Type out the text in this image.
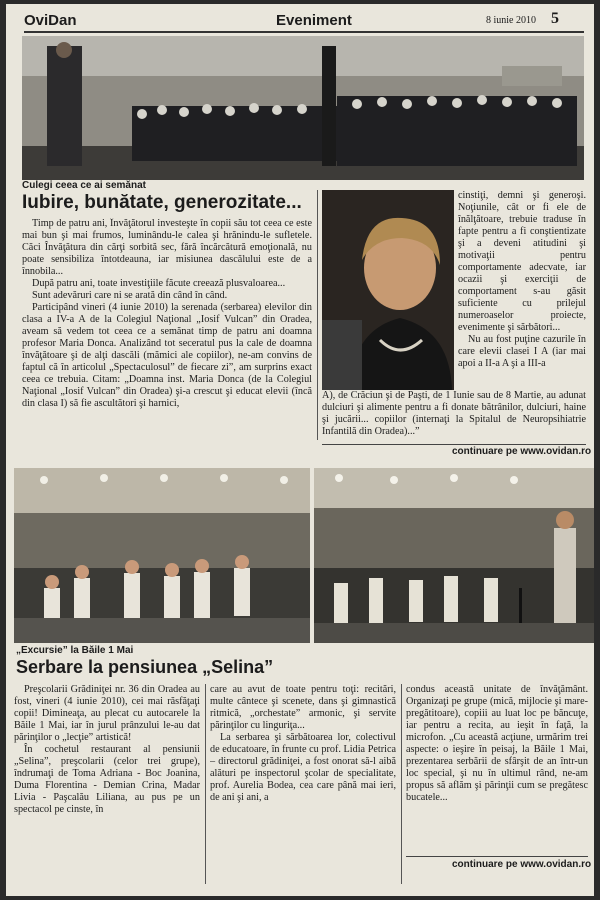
OviDan	Eveniment	8 iunie 2010 5
Culegi ceea ce ai semănat
Iubire, bunătate, generozitate...

Timp de patru ani, Învăţătorul investeşte în copii său tot ceea ce este mai bun şi mai frumos, luminându-le calea şi hrănindu-le sufletele. Căci Învăţătura din cărţi sorbită sec, fără încărcătură emoţională, nu poate sensibiliza întotdeauna, iar misiunea dascălului este de a înnobila...

După patru ani, toate investiţiile făcute creează plusvaloarea...

Sunt adevăruri care ni se arată din când în când.

Participând vineri (4 iunie 2010) la serenada (serbarea) elevilor din clasa a IV-a A de la Colegiul Naţional „Iosif Vulcan” din Oradea, aveam să vedem tot ceea ce a semănat timp de patru ani doamna profesor Maria Donca. Analizând tot seceratul pus la cale de doamna învăţătoare şi de alţi dascăli (mămici ale copiilor), ne-am convins de faptul că în articolul „Spectaculosul” de fiecare zi”, am surprins exact ceea ce trebuia. Citam: „Doamna inst. Maria Donca (de la Colegiul Naţional „Iosif Vulcan” din Oradea) şi-a crescut şi educat elevii (încă din clasa I) să fie ascultători şi harnici,

cinstiţi, demni şi generoşi. Noţiunile, cât or fi ele de înălţătoare, trebuie traduse în fapte pentru a fi conştientizate şi a deveni atitudini şi motivaţii pentru comportamente adecvate, iar ocazii şi exerciţii de comportament s-au găsit suficiente cu prilejul numeroaselor proiecte, evenimente şi sărbători...

Nu au fost puţine cazurile în care elevii clasei I A (iar mai apoi a II-a A şi a III-a

A), de Crăciun şi de Paşti, de 1 Iunie sau de 8 Martie, au adunat dulciuri şi alimente pentru a fi donate bătrânilor, dulciuri, haine şi jucării... copiilor (internaţi la Spitalul de Neuropsihiatrie Infantilă din Oradea)...”

continuare pe www.ovidan.ro
„Excursie” la Băile 1 Mai
Serbare la pensiunea „Selina”

Preşcolarii Grădiniţei nr. 36 din Oradea au fost, vineri (4 iunie 2010), cei mai răsfăţaţi copii! Dimineaţa, au plecat cu autocarele la Băile 1 Mai, iar în jurul prânzului le-au dat părinţilor o „lecţie” artistică!

În cochetul restaurant al pensiunii „Selina”, preşcolarii (celor trei grupe), îndrumaţi de Toma Adriana - Boc Joanina, Duma Florentina - Demian Crina, Madar Livia - Paşcalău Liliana, au pus pe un spectacol pe cinste, în

care au avut de toate pentru toţi: recitări, multe cântece şi scenete, dans şi gimnastică ritmică, „orchestate” armonic, şi servite părinţilor cu linguriţa...

La serbarea şi sărbătoarea lor, colectivul de educatoare, în frunte cu prof. Lidia Petrica – directorul grădiniţei, a fost onorat să-l aibă alături pe inspectorul şcolar de specialitate, prof. Aurelia Bodea, cea care până mai ieri, de ani şi ani, a

condus această unitate de învăţământ. Organizaţi pe grupe (mică, mijlocie şi mare-pregătitoare), copiii au luat loc pe băncuţe, iar pentru a recita, au ieşit în faţă, la microfon. „Cu această acţiune, urmărim trei aspecte: o ieşire în peisaj, la Băile 1 Mai, prezentarea serbării de sfârşit de an într-un loc special, şi nu în ultimul rând, ne-am propus să aflăm şi părinţii cum se pregătesc bucatele...

continuare pe www.ovidan.ro
